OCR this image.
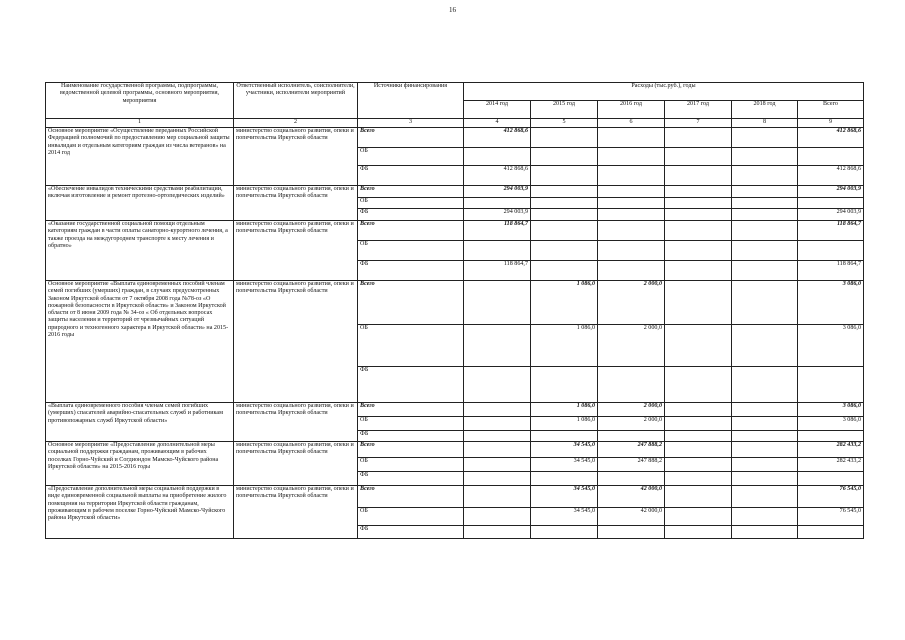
16
Наименование государственной программы, подпрограммы, ведомственной целевой программы, основного мероприятия, мероприятия	Ответственный исполнитель, соисполнители, участники, исполнители мероприятий	Источники финансирования	Расходы (тыс.руб.), годы					
			2014 год	2015 год	2016 год	2017 год	2018 год	Всего
1	2	3	4	5	6	7	8	9
Основное мероприятие «Осуществление переданных Российской Федерацией полномочий по предоставлению мер социальной защиты инвалидам и отдельным категориям граждан из числа ветеранов» на 2014 год	министерство социального развития, опеки и попечительства Иркутской области	Всего	412 868,6					412 868,6
		ОБ						
		ФБ	412 868,6					412 868,6
«Обеспечение инвалидов техническими средствами реабилитации, включая изготовление и ремонт протезно-ортопедических изделий»	министерство социального развития, опеки и попечительства Иркутской области	Всего	294 003,9					294 003,9
		ОБ						
		ФБ	294 003,9					294 003,9
«Оказание государственной социальной помощи отдельным категориям граждан в части оплаты санаторно-курортного лечения, а также проезда на междугороднем транспорте к месту лечения и обратно»	министерство социального развития, опеки и попечительства Иркутской области	Всего	118 864,7					118 864,7
		ОБ						
		ФБ	118 864,7					118 864,7
Основное мероприятие «Выплата единовременных пособий членам семей погибших (умерших) граждан, в случаях предусмотренных Законом Иркутской области от 7 октября 2008 года №78-оз «О пожарной безопасности в Иркутской области» и Законом Иркутской области от 8 июня 2009 года № 34-оз « Об отдельных вопросах защиты населения и территорий от чрезвычайных ситуаций природного и техногенного характера в Иркутской области» на 2015-2016 годы	министерство социального развития, опеки и попечительства Иркутской области	Всего		1 086,0	2 000,0			3 086,0
		ОБ		1 086,0	2 000,0			3 086,0
		ФБ						
«Выплата единовременного пособия членам семей погибших (умерших) спасателей аварийно-спасательных служб и работникам противопожарных служб Иркутской области»	министерство социального развития, опеки и попечительства Иркутской области	Всего		1 086,0	2 000,0			3 086,0
		ОБ		1 086,0	2 000,0			3 086,0
		ФБ						
Основное мероприятие «Предоставление дополнительной меры социальной поддержки гражданам, проживающим в рабочих поселках Горно-Чуйский и Согдиондон Мамско-Чуйского района Иркутской области» на 2015-2016 годы	министерство социального развития, опеки и попечительства Иркутской области	Всего		34 545,0	247 888,2			282 433,2
		ОБ		34 545,0	247 888,2			282 433,2
		ФБ						
«Предоставление дополнительной меры социальной поддержки в виде единовременной социальной выплаты на приобретение жилого помещения на территории Иркутской области гражданам, проживающим в рабочем поселке Горно-Чуйский Мамско-Чуйского района Иркутской области»	министерство социального развития, опеки и попечительства Иркутской области	Всего		34 545,0	42 000,0			76 545,0
		ОБ		34 545,0	42 000,0			76 545,0
		ФБ						
